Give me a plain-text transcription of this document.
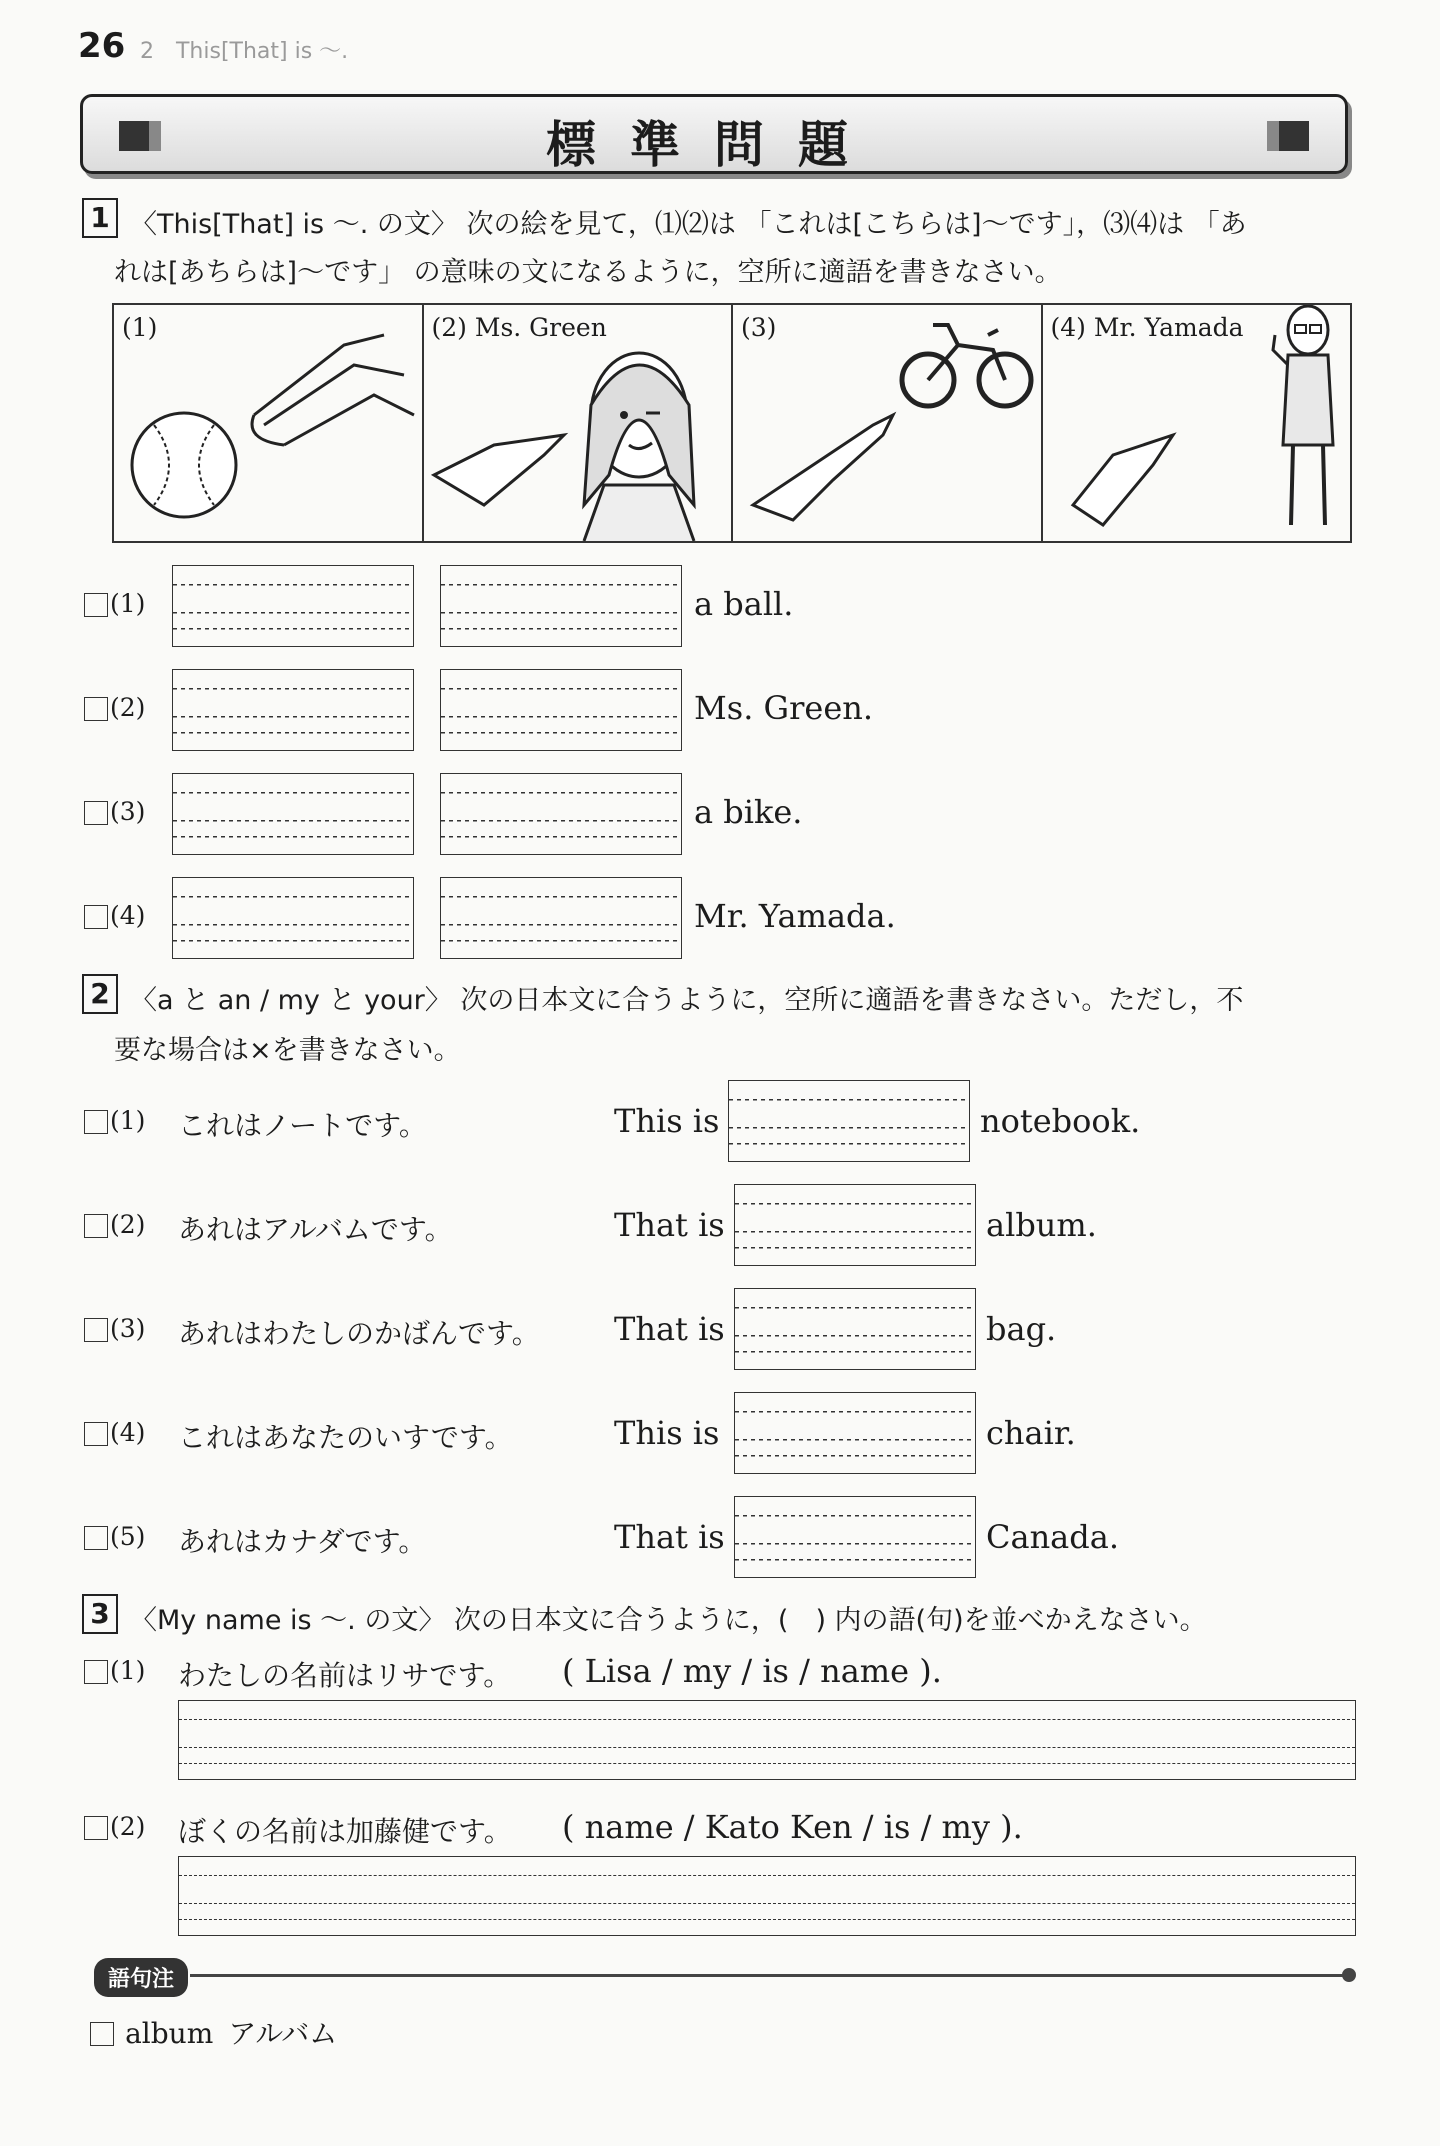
26 2　This[That] is ～.
標準問題
1 〈This[That] is ～. の文〉 次の絵を見て，⑴⑵は 「これは[こちらは]～です」，⑶⑷は 「あ
れは[あちらは]～です」 の意味の文になるように，空所に適語を書きなさい。
(1)	(2) Ms. Green	(3)	(4) Mr. Yamada
(1)	a ball.
(2)	Ms. Green.
(3)	a bike.
(4)	Mr. Yamada.
2 〈a と an / my と your〉 次の日本文に合うように，空所に適語を書きなさい。ただし，不
要な場合は×を書きなさい。
(1) これはノートです。	This is	notebook.
(2) あれはアルバムです。	That is	album.
(3) あれはわたしのかばんです。 That is	bag.
(4) これはあなたのいすです。	This is	chair.
(5) あれはカナダです。	That is	Canada.
3 〈My name is ～. の文〉 次の日本文に合うように，(　) 内の語(句)を並べかえなさい。
(1) わたしの名前はリサです。 ( Lisa / my / is / name ).
(2) ぼくの名前は加藤健です。 ( name / Kato Ken / is / my ).
語句注
album アルバム
